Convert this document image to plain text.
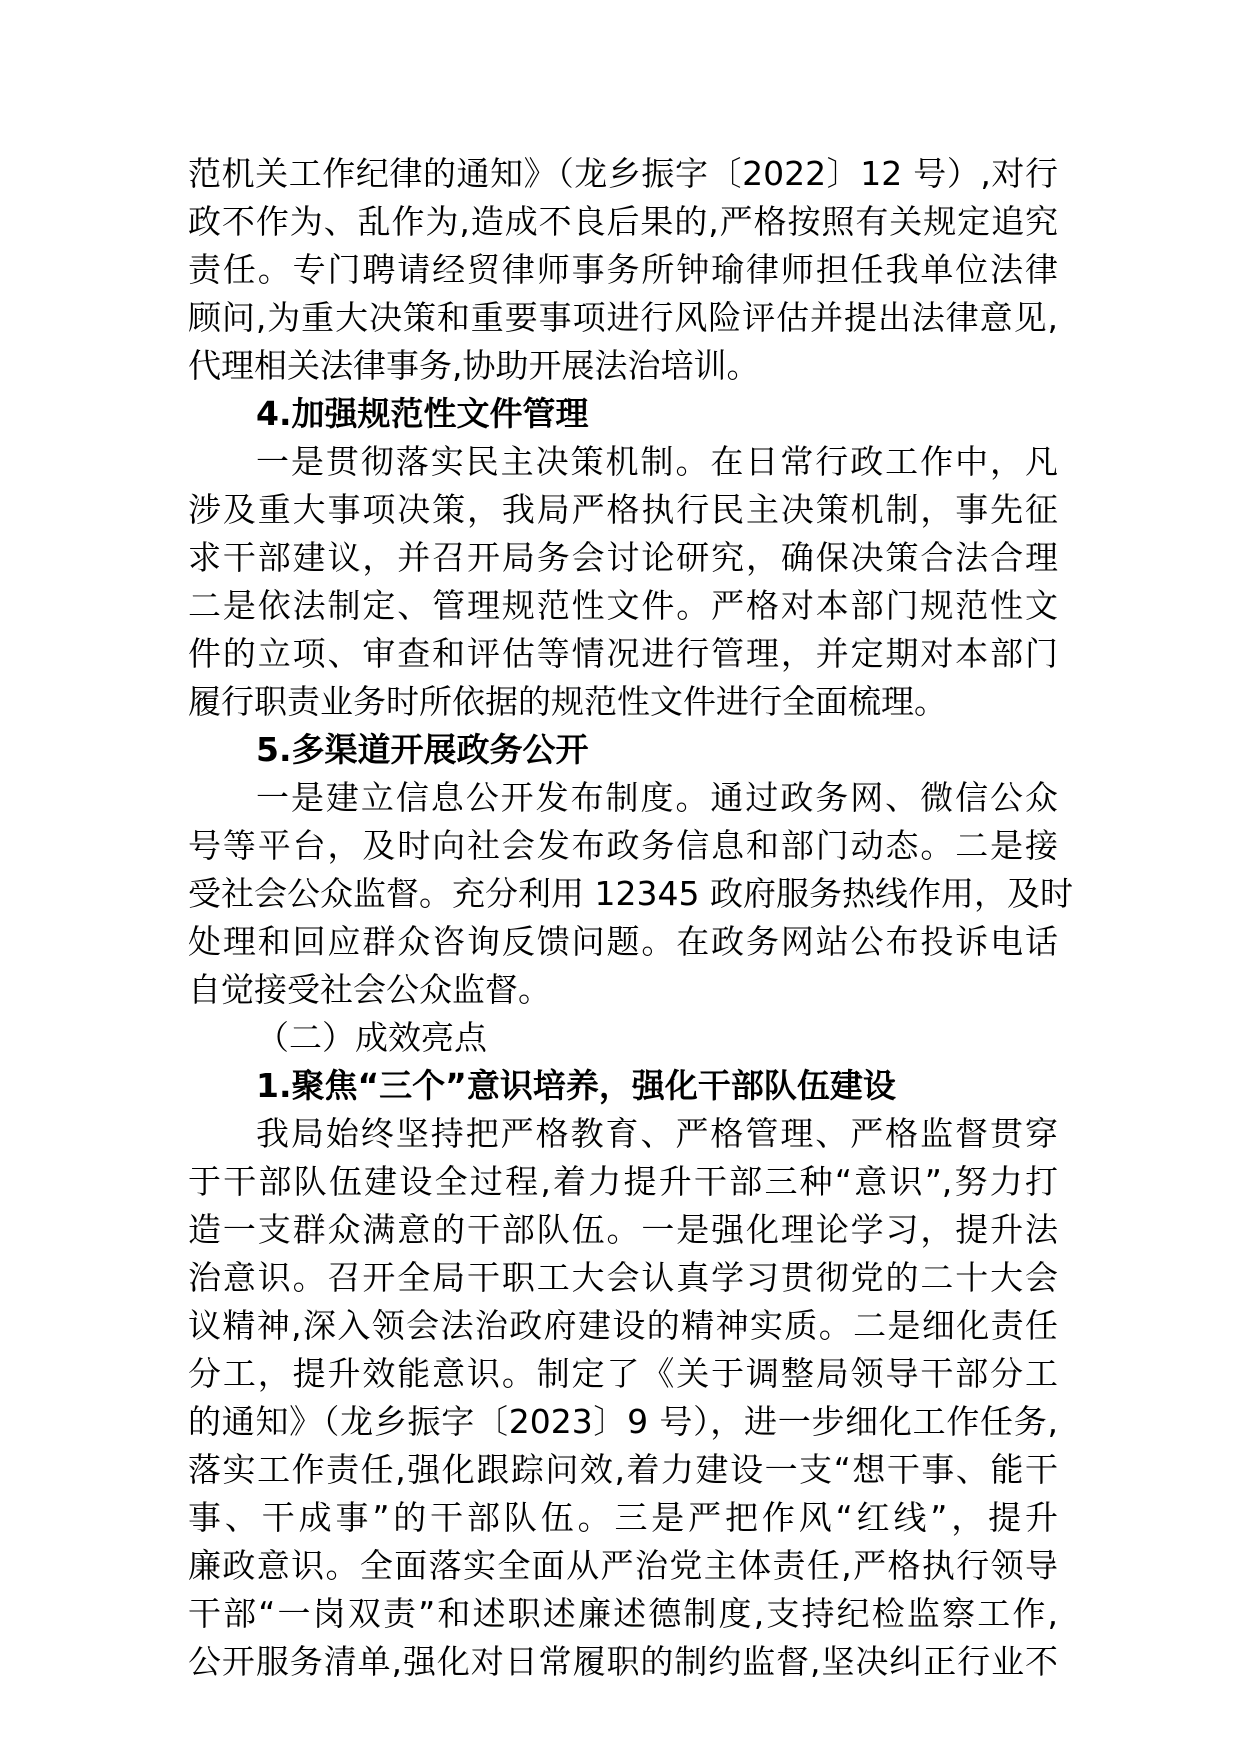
范机关工作纪律的通知》（龙乡振字〔2022〕12 号）,对行
政不作为、乱作为,造成不良后果的,严格按照有关规定追究
责任。专门聘请经贸律师事务所钟瑜律师担任我单位法律
顾问,为重大决策和重要事项进行风险评估并提出法律意见,
代理相关法律事务,协助开展法治培训。
4.加强规范性文件管理
一是贯彻落实民主决策机制。在日常行政工作中，凡
涉及重大事项决策，我局严格执行民主决策机制，事先征
求干部建议，并召开局务会讨论研究，确保决策合法合理
二是依法制定、管理规范性文件。严格对本部门规范性文
件的立项、审查和评估等情况进行管理，并定期对本部门
履行职责业务时所依据的规范性文件进行全面梳理。
5.多渠道开展政务公开
一是建立信息公开发布制度。通过政务网、微信公众
号等平台，及时向社会发布政务信息和部门动态。二是接
受社会公众监督。充分利用 12345 政府服务热线作用，及时
处理和回应群众咨询反馈问题。在政务网站公布投诉电话
自觉接受社会公众监督。
（二）成效亮点
1.聚焦“三个”意识培养，强化干部队伍建设
我局始终坚持把严格教育、严格管理、严格监督贯穿
于干部队伍建设全过程,着力提升干部三种“意识”,努力打
造一支群众满意的干部队伍。一是强化理论学习，提升法
治意识。召开全局干职工大会认真学习贯彻党的二十大会
议精神,深入领会法治政府建设的精神实质。二是细化责任
分工，提升效能意识。制定了《关于调整局领导干部分工
的通知》（龙乡振字〔2023〕9 号），进一步细化工作任务,
落实工作责任,强化跟踪问效,着力建设一支“想干事、能干
事、干成事”的干部队伍。三是严把作风“红线”，提升
廉政意识。全面落实全面从严治党主体责任,严格执行领导
干部“一岗双责”和述职述廉述德制度,支持纪检监察工作,
公开服务清单,强化对日常履职的制约监督,坚决纠正行业不
